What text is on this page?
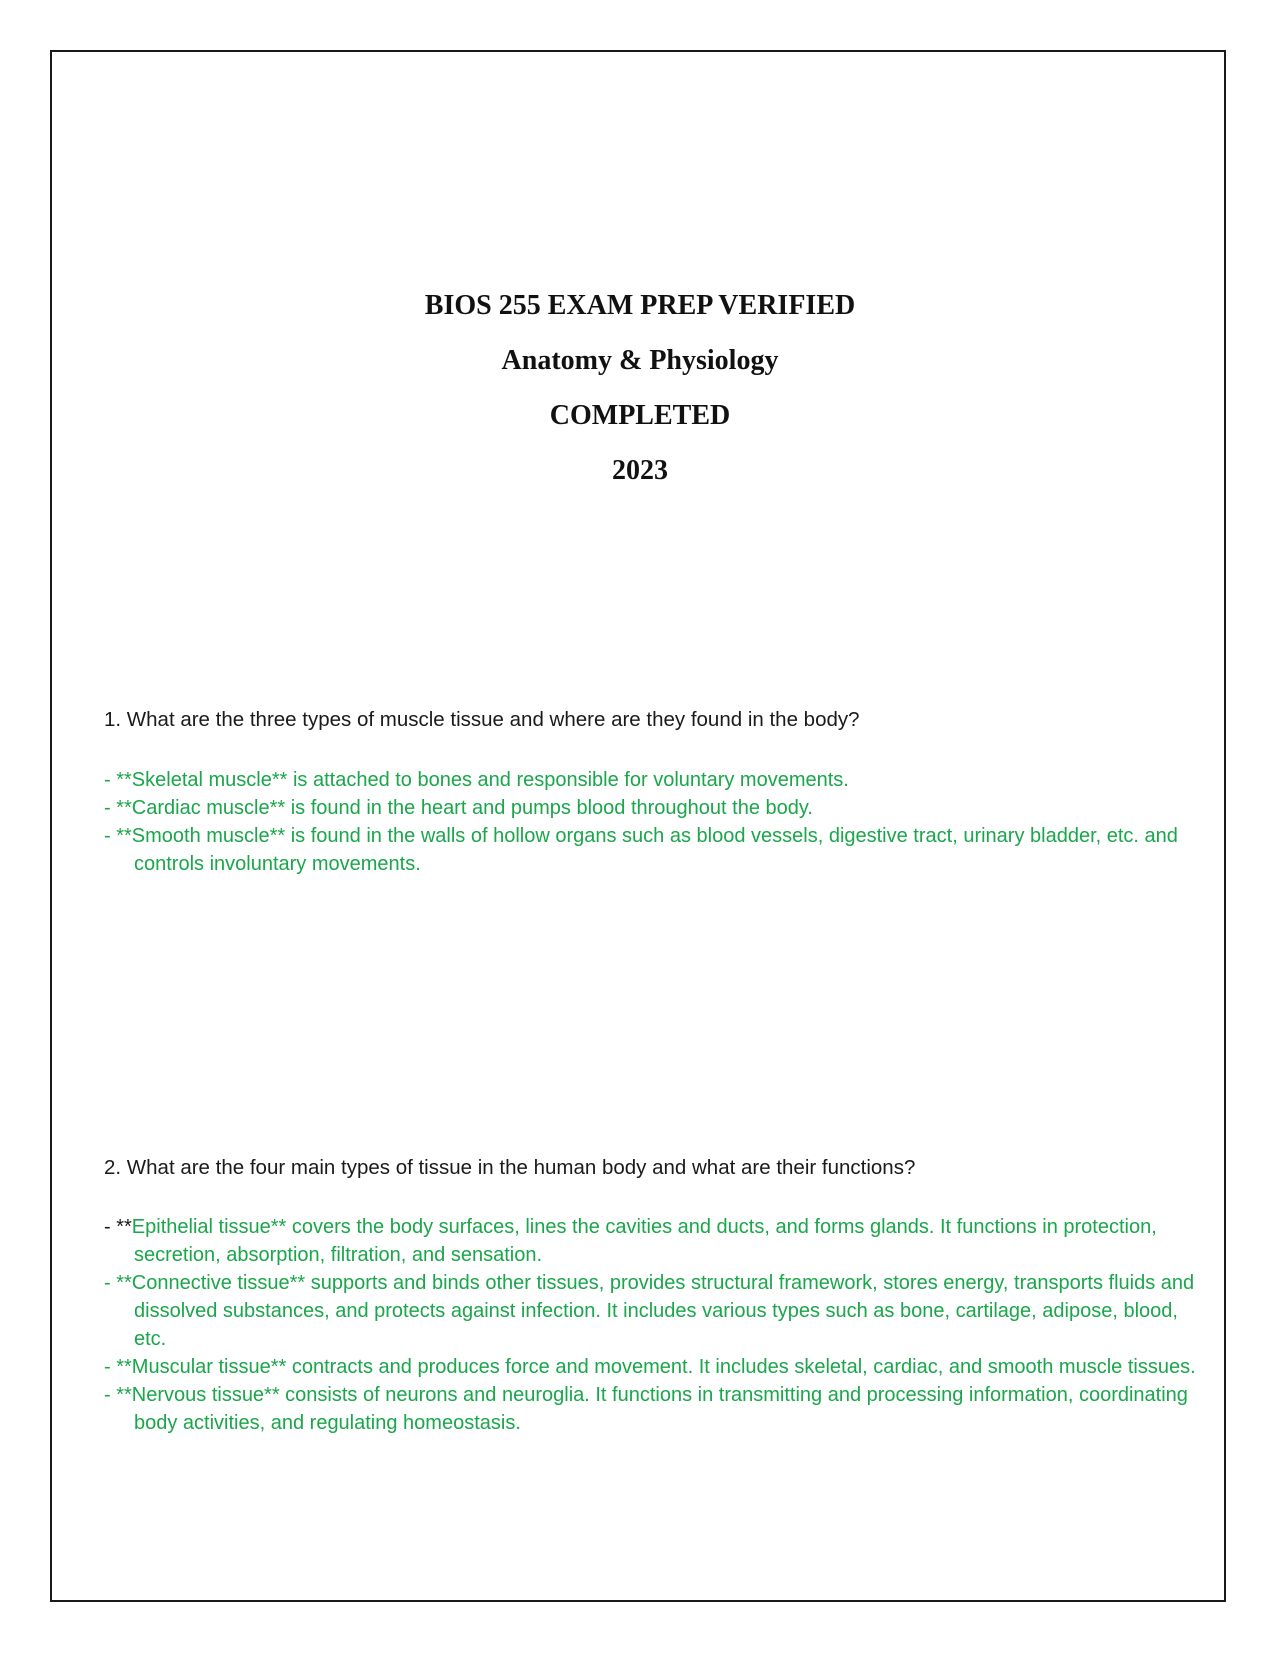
BIOS 255 EXAM PREP VERIFIED
Anatomy & Physiology
COMPLETED
2023
1. What are the three types of muscle tissue and where are they found in the body?
- **Skeletal muscle** is attached to bones and responsible for voluntary movements.
- **Cardiac muscle** is found in the heart and pumps blood throughout the body.
- **Smooth muscle** is found in the walls of hollow organs such as blood vessels, digestive tract, urinary bladder, etc. and controls involuntary movements.
2. What are the four main types of tissue in the human body and what are their functions?
- **Epithelial tissue** covers the body surfaces, lines the cavities and ducts, and forms glands. It functions in protection, secretion, absorption, filtration, and sensation.
- **Connective tissue** supports and binds other tissues, provides structural framework, stores energy, transports fluids and dissolved substances, and protects against infection. It includes various types such as bone, cartilage, adipose, blood, etc.
- **Muscular tissue** contracts and produces force and movement. It includes skeletal, cardiac, and smooth muscle tissues.
- **Nervous tissue** consists of neurons and neuroglia. It functions in transmitting and processing information, coordinating body activities, and regulating homeostasis.
